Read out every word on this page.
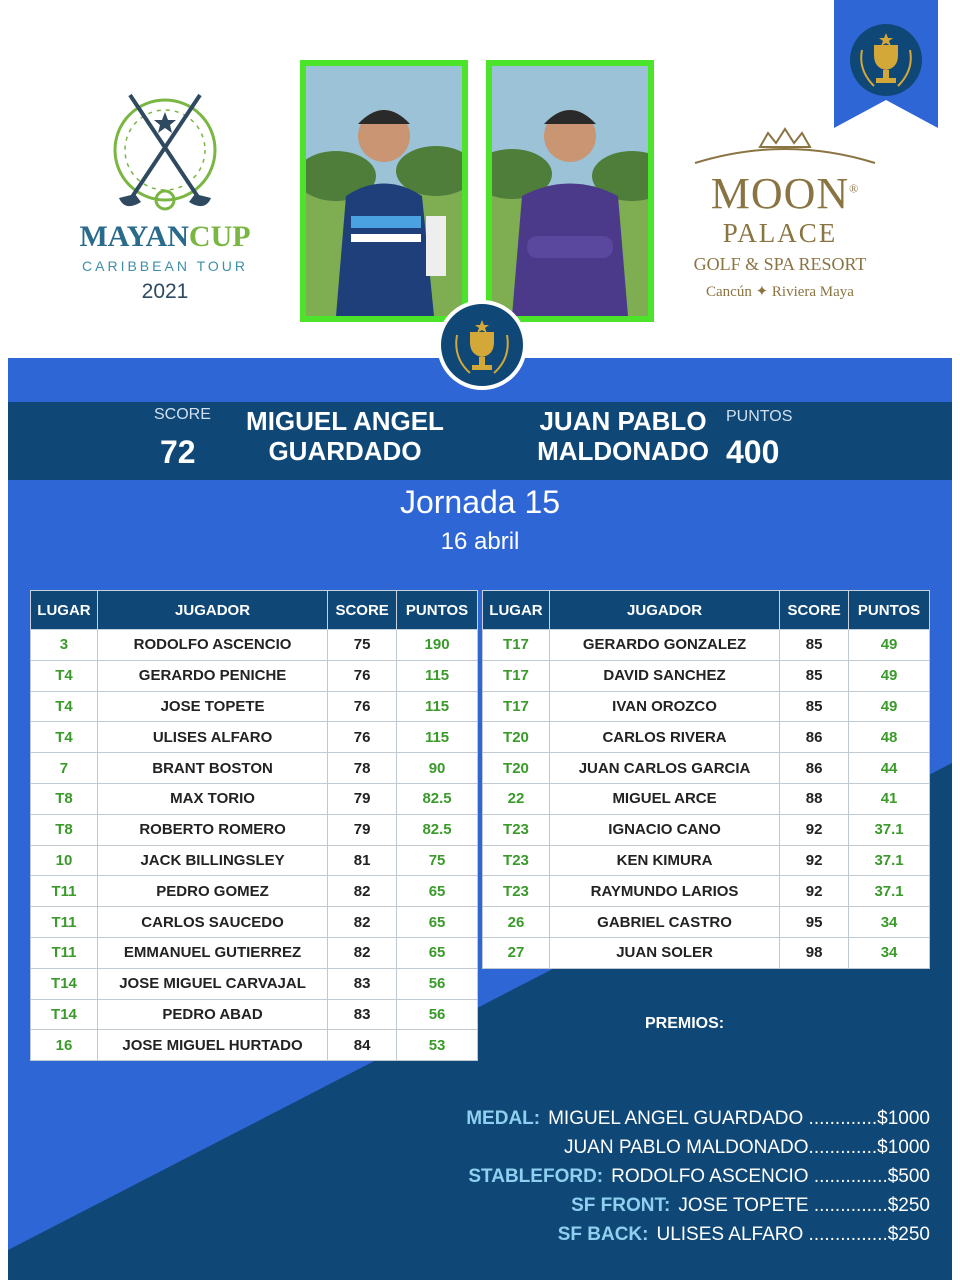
MAYANCUP
CARIBBEAN TOUR
2021
MOON®
PALACE
GOLF & SPA RESORT
Cancún ✦ Riviera Maya
SCORE
72
MIGUEL ANGEL
GUARDADO
JUAN PABLO
MALDONADO
PUNTOS
400
Jornada 15
16 abril
LUGAR	JUGADOR	SCORE	PUNTOS
3	RODOLFO ASCENCIO	75	190
T4	GERARDO PENICHE	76	115
T4	JOSE TOPETE	76	115
T4	ULISES ALFARO	76	115
7	BRANT BOSTON	78	90
T8	MAX TORIO	79	82.5
T8	ROBERTO ROMERO	79	82.5
10	JACK BILLINGSLEY	81	75
T11	PEDRO GOMEZ	82	65
T11	CARLOS SAUCEDO	82	65
T11	EMMANUEL GUTIERREZ	82	65
T14	JOSE MIGUEL CARVAJAL	83	56
T14	PEDRO ABAD	83	56
16	JOSE MIGUEL HURTADO	84	53
LUGAR	JUGADOR	SCORE	PUNTOS
T17	GERARDO GONZALEZ	85	49
T17	DAVID SANCHEZ	85	49
T17	IVAN OROZCO	85	49
T20	CARLOS RIVERA	86	48
T20	JUAN CARLOS GARCIA	86	44
22	MIGUEL ARCE	88	41
T23	IGNACIO CANO	92	37.1
T23	KEN KIMURA	92	37.1
T23	RAYMUNDO LARIOS	92	37.1
26	GABRIEL CASTRO	95	34
27	JUAN SOLER	98	34
PREMIOS:
MEDAL: MIGUEL ANGEL GUARDADO .............$1000
JUAN PABLO MALDONADO.............$1000
STABLEFORD: RODOLFO ASCENCIO ..............$500
SF FRONT: JOSE TOPETE ..............$250
SF BACK: ULISES ALFARO ...............$250
